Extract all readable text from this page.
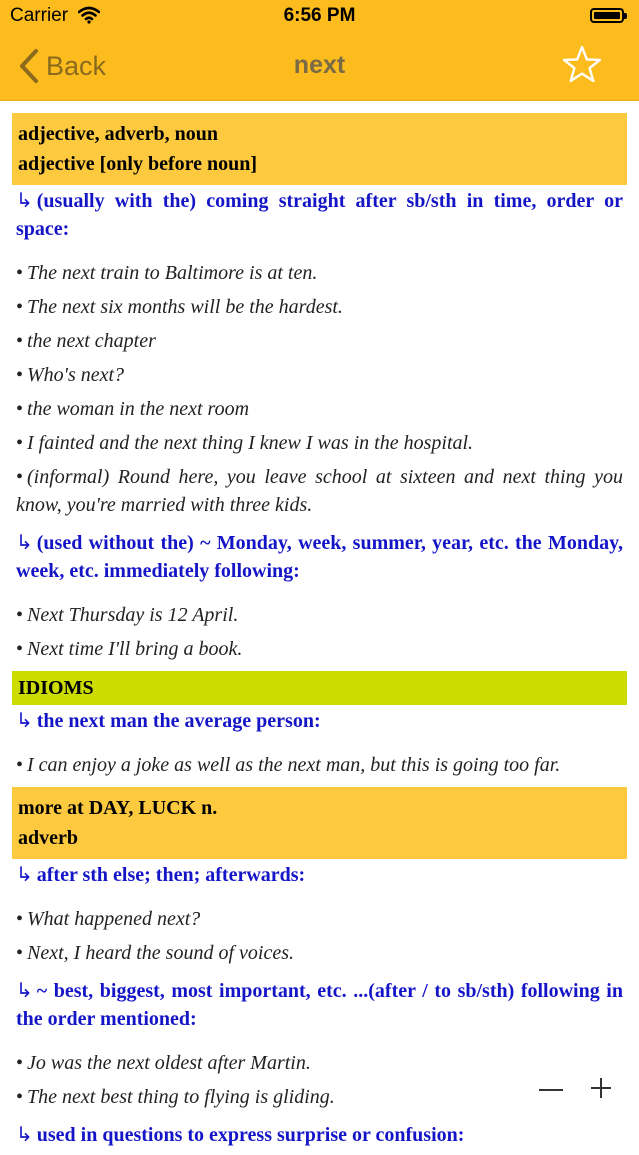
Carrier	6:56 PM
Back	next
adjective, adverb, noun
adjective [only before noun]
↳ (usually with the) coming straight after sb/sth in time, order or space:
• The next train to Baltimore is at ten.
• The next six months will be the hardest.
• the next chapter
• Who's next?
• the woman in the next room
• I fainted and the next thing I knew I was in the hospital.
• (informal) Round here, you leave school at sixteen and next thing you know, you're married with three kids.
↳ (used without the) ~ Monday, week, summer, year, etc. the Monday, week, etc. immediately following:
• Next Thursday is 12 April.
• Next time I'll bring a book.
IDIOMS
↳ the next man the average person:
• I can enjoy a joke as well as the next man, but this is going too far.
more at DAY, LUCK n.
adverb
↳ after sth else; then; afterwards:
• What happened next?
• Next, I heard the sound of voices.
↳ ~ best, biggest, most important, etc. ...(after / to sb/sth) following in the order mentioned:
• Jo was the next oldest after Martin.
• The next best thing to flying is gliding.
↳ used in questions to express surprise or confusion:
